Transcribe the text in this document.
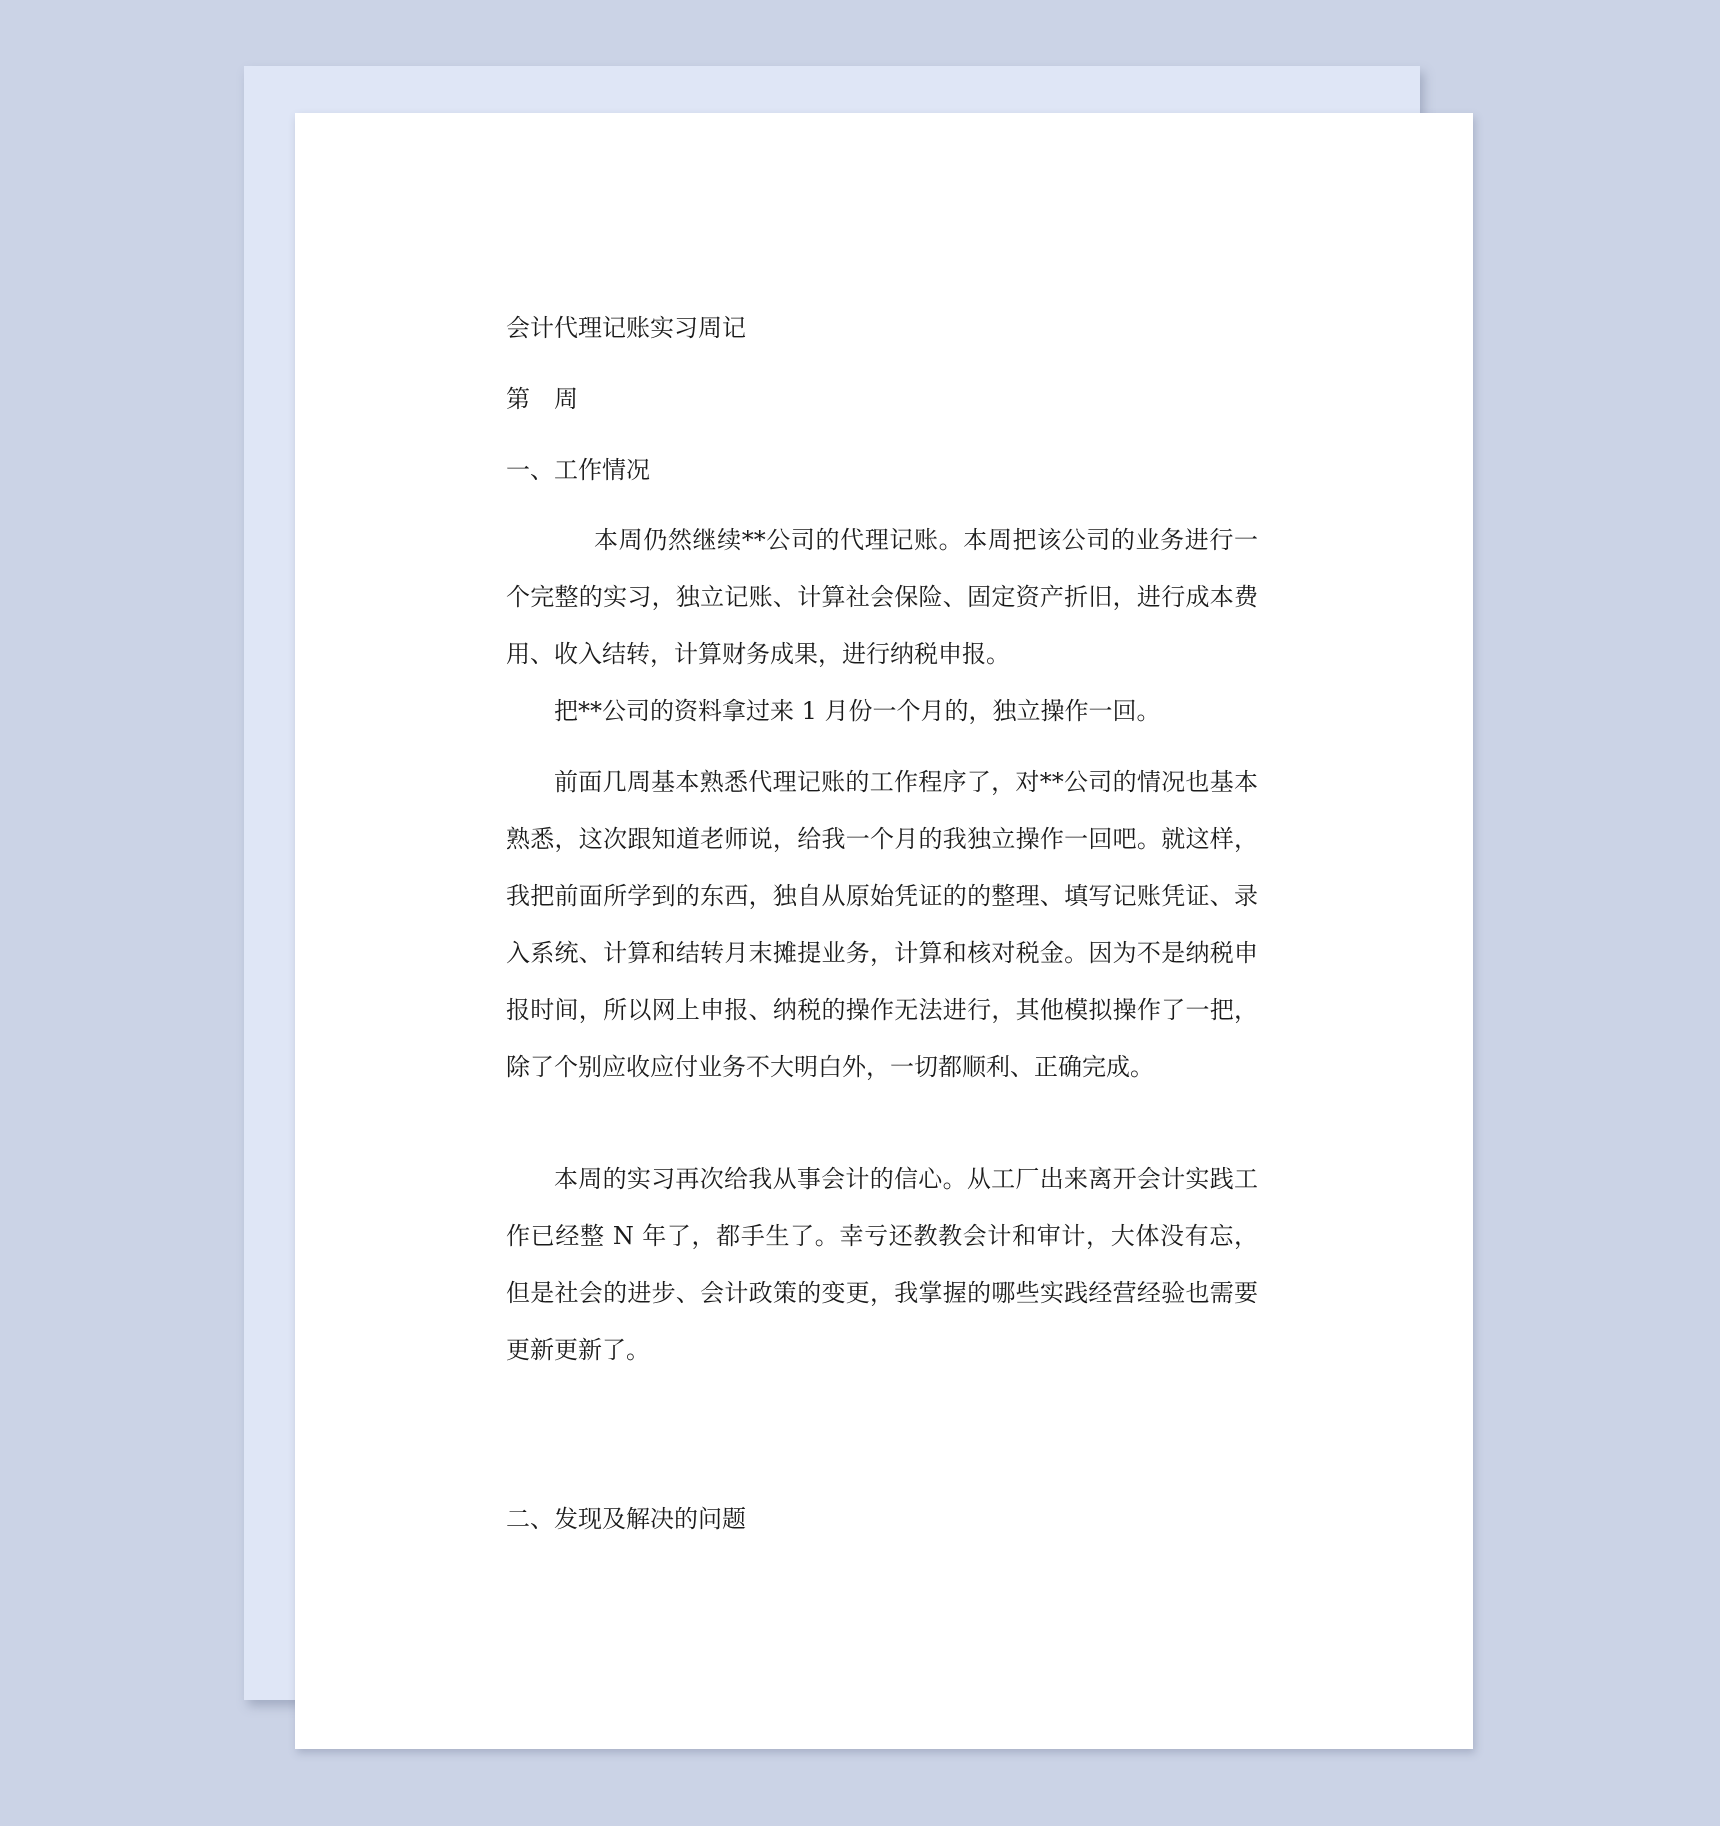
会计代理记账实习周记
第　周
一、工作情况
本周仍然继续**公司的代理记账。本周把该公司的业务进行一个完整的实习，独立记账、计算社会保险、固定资产折旧，进行成本费用、收入结转，计算财务成果，进行纳税申报。
把**公司的资料拿过来 1 月份一个月的，独立操作一回。
前面几周基本熟悉代理记账的工作程序了，对**公司的情况也基本熟悉，这次跟知道老师说，给我一个月的我独立操作一回吧。就这样，我把前面所学到的东西，独自从原始凭证的的整理、填写记账凭证、录入系统、计算和结转月末摊提业务，计算和核对税金。因为不是纳税申报时间，所以网上申报、纳税的操作无法进行，其他模拟操作了一把，除了个别应收应付业务不大明白外，一切都顺利、正确完成。
本周的实习再次给我从事会计的信心。从工厂出来离开会计实践工作已经整 N 年了，都手生了。幸亏还教教会计和审计，大体没有忘，但是社会的进步、会计政策的变更，我掌握的哪些实践经营经验也需要更新更新了。
二、发现及解决的问题
